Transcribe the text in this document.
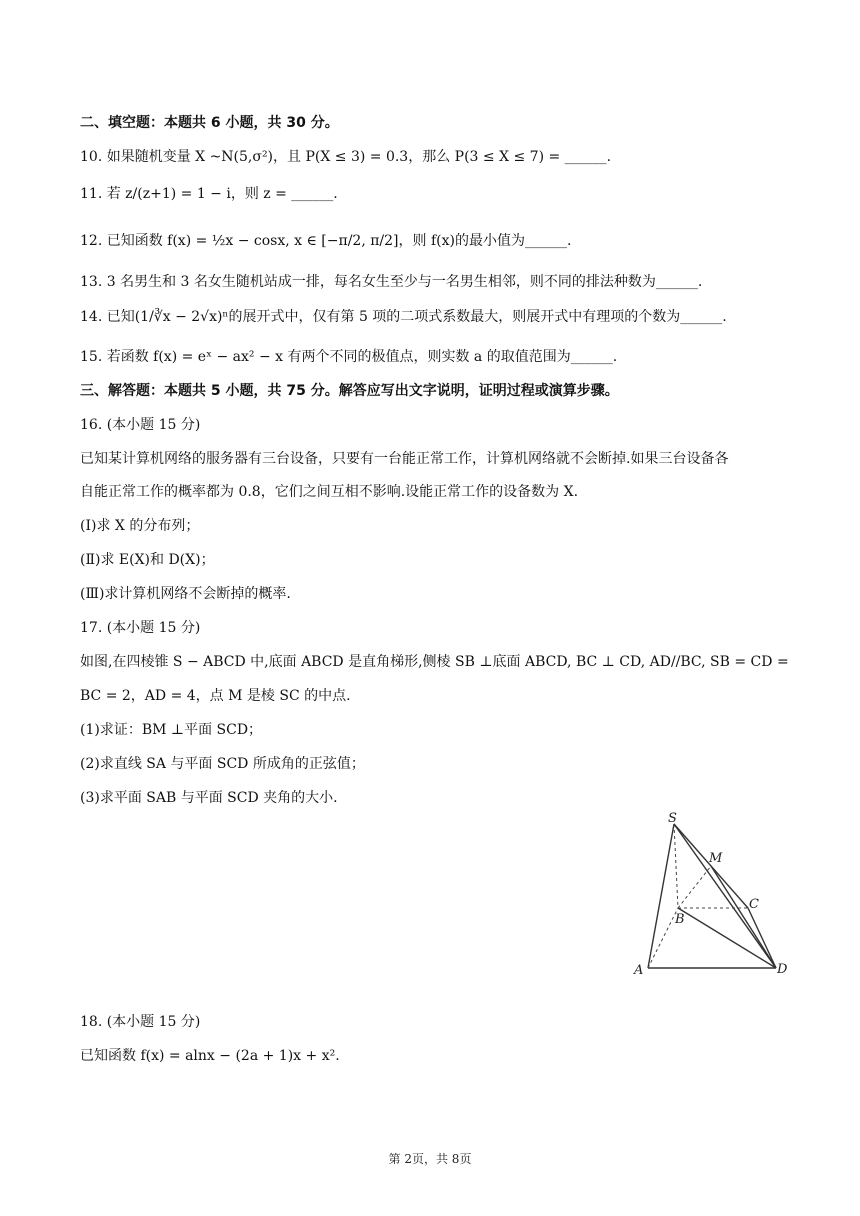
二、填空题：本题共 6 小题，共 30 分。
10. 如果随机变量 X ~N(5,σ²)，且 P(X ≤ 3) = 0.3，那么 P(3 ≤ X ≤ 7) = ______.
11. 若 z/(z+1) = 1 − i，则 z = ______.
12. 已知函数 f(x) = ½x − cosx, x ∈ [−π/2, π/2]，则 f(x)的最小值为______.
13. 3 名男生和 3 名女生随机站成一排，每名女生至少与一名男生相邻，则不同的排法种数为______.
14. 已知(1/∛x − 2√x)ⁿ的展开式中，仅有第 5 项的二项式系数最大，则展开式中有理项的个数为______.
15. 若函数 f(x) = eˣ − ax² − x 有两个不同的极值点，则实数 a 的取值范围为______.
三、解答题：本题共 5 小题，共 75 分。解答应写出文字说明，证明过程或演算步骤。
16. (本小题 15 分)
已知某计算机网络的服务器有三台设备，只要有一台能正常工作，计算机网络就不会断掉.如果三台设备各
自能正常工作的概率都为 0.8，它们之间互相不影响.设能正常工作的设备数为 X.
(Ⅰ)求 X 的分布列；
(Ⅱ)求 E(X)和 D(X)；
(Ⅲ)求计算机网络不会断掉的概率.
17. (本小题 15 分)
如图,在四棱锥 S − ABCD 中,底面 ABCD 是直角梯形,侧棱 SB ⊥底面 ABCD, BC ⊥ CD, AD//BC, SB = CD =
BC = 2，AD = 4，点 M 是棱 SC 的中点.
(1)求证：BM ⊥平面 SCD；
(2)求直线 SA 与平面 SCD 所成角的正弦值；
(3)求平面 SAB 与平面 SCD 夹角的大小.
S
M
B
C
A	D
18. (本小题 15 分)
已知函数 f(x) = alnx − (2a + 1)x + x².
第 2页，共 8页
